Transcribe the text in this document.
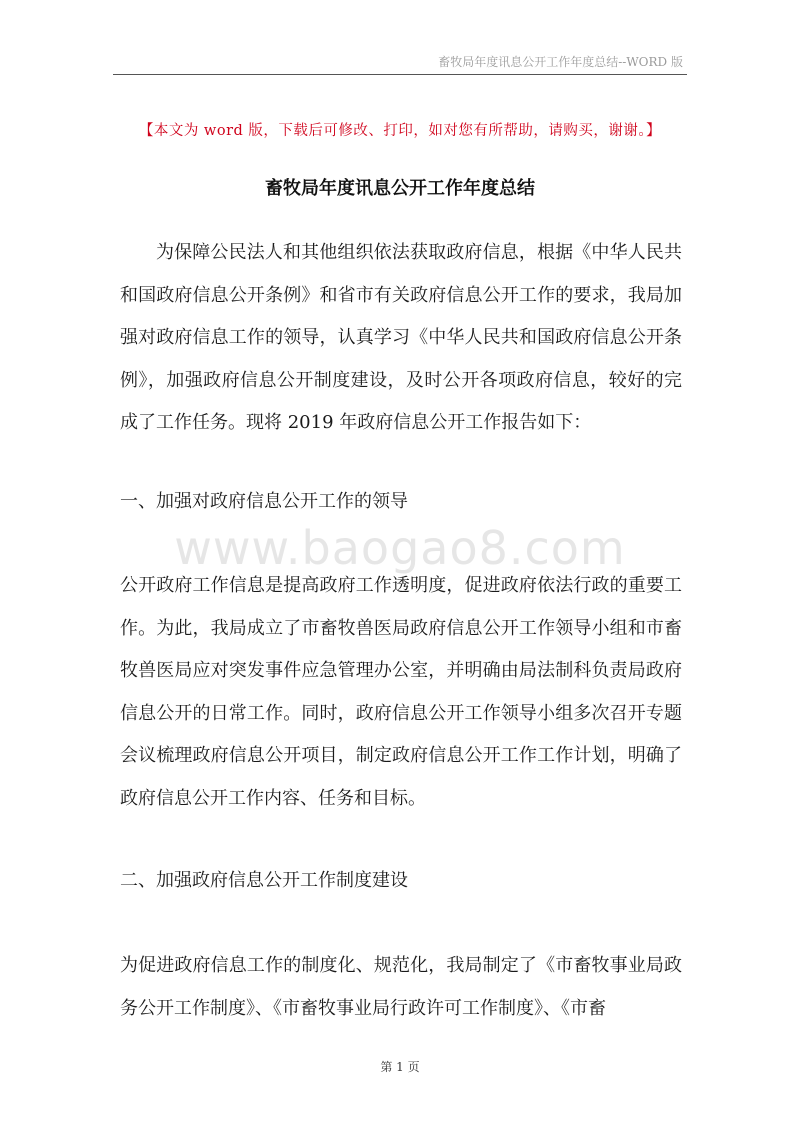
畜牧局年度讯息公开工作年度总结--WORD 版
【本文为 word 版，下载后可修改、打印，如对您有所帮助，请购买，谢谢。】
畜牧局年度讯息公开工作年度总结

为保障公民法人和其他组织依法获取政府信息，根据《中华人民共和国政府信息公开条例》和省市有关政府信息公开工作的要求，我局加强对政府信息工作的领导，认真学习《中华人民共和国政府信息公开条例》，加强政府信息公开制度建设，及时公开各项政府信息，较好的完成了工作任务。现将 2019 年政府信息公开工作报告如下：

一、加强对政府信息公开工作的领导
www.baogao8.com

公开政府工作信息是提高政府工作透明度，促进政府依法行政的重要工作。为此，我局成立了市畜牧兽医局政府信息公开工作领导小组和市畜牧兽医局应对突发事件应急管理办公室，并明确由局法制科负责局政府信息公开的日常工作。同时，政府信息公开工作领导小组多次召开专题会议梳理政府信息公开项目，制定政府信息公开工作工作计划，明确了政府信息公开工作内容、任务和目标。

二、加强政府信息公开工作制度建设

为促进政府信息工作的制度化、规范化，我局制定了《市畜牧事业局政务公开工作制度》、《市畜牧事业局行政许可工作制度》、《市畜

第 1 页
